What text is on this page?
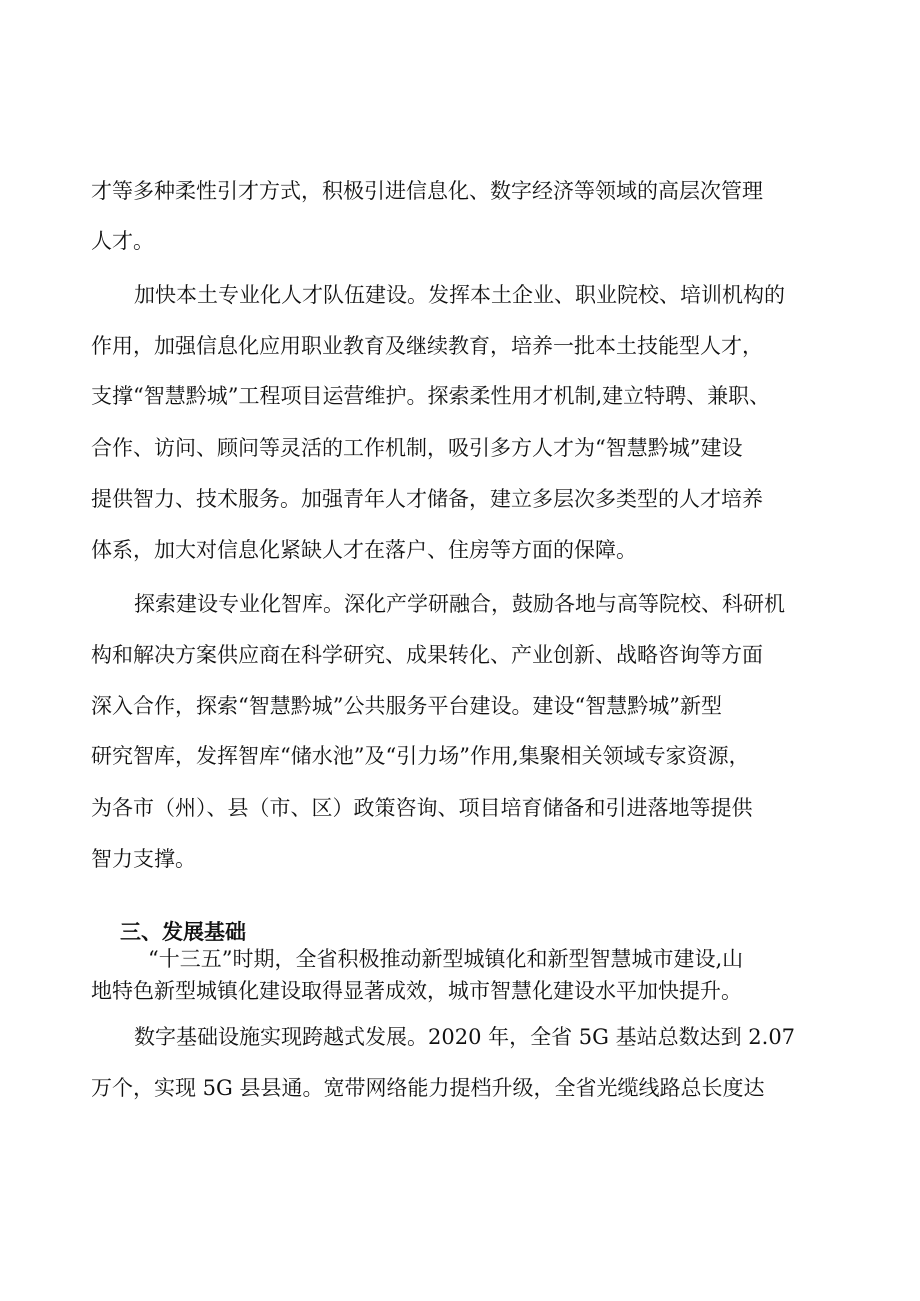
才等多种柔性引才方式，积极引进信息化、数字经济等领域的高层次管理
人才。
加快本土专业化人才队伍建设。发挥本土企业、职业院校、培训机构的
作用，加强信息化应用职业教育及继续教育，培养一批本土技能型人才，
支撑“智慧黔城”工程项目运营维护。探索柔性用才机制,建立特聘、兼职、
合作、访问、顾问等灵活的工作机制，吸引多方人才为“智慧黔城”建设
提供智力、技术服务。加强青年人才储备，建立多层次多类型的人才培养
体系，加大对信息化紧缺人才在落户、住房等方面的保障。
探索建设专业化智库。深化产学研融合，鼓励各地与高等院校、科研机
构和解决方案供应商在科学研究、成果转化、产业创新、战略咨询等方面
深入合作，探索“智慧黔城”公共服务平台建设。建设“智慧黔城”新型
研究智库，发挥智库“储水池”及“引力场”作用,集聚相关领域专家资源，
为各市（州）、县（市、区）政策咨询、项目培育储备和引进落地等提供
智力支撑。
三、发展基础
“十三五”时期，全省积极推动新型城镇化和新型智慧城市建设,山
地特色新型城镇化建设取得显著成效，城市智慧化建设水平加快提升。
数字基础设施实现跨越式发展。2020 年，全省 5G 基站总数达到 2.07
万个，实现 5G 县县通。宽带网络能力提档升级，全省光缆线路总长度达
